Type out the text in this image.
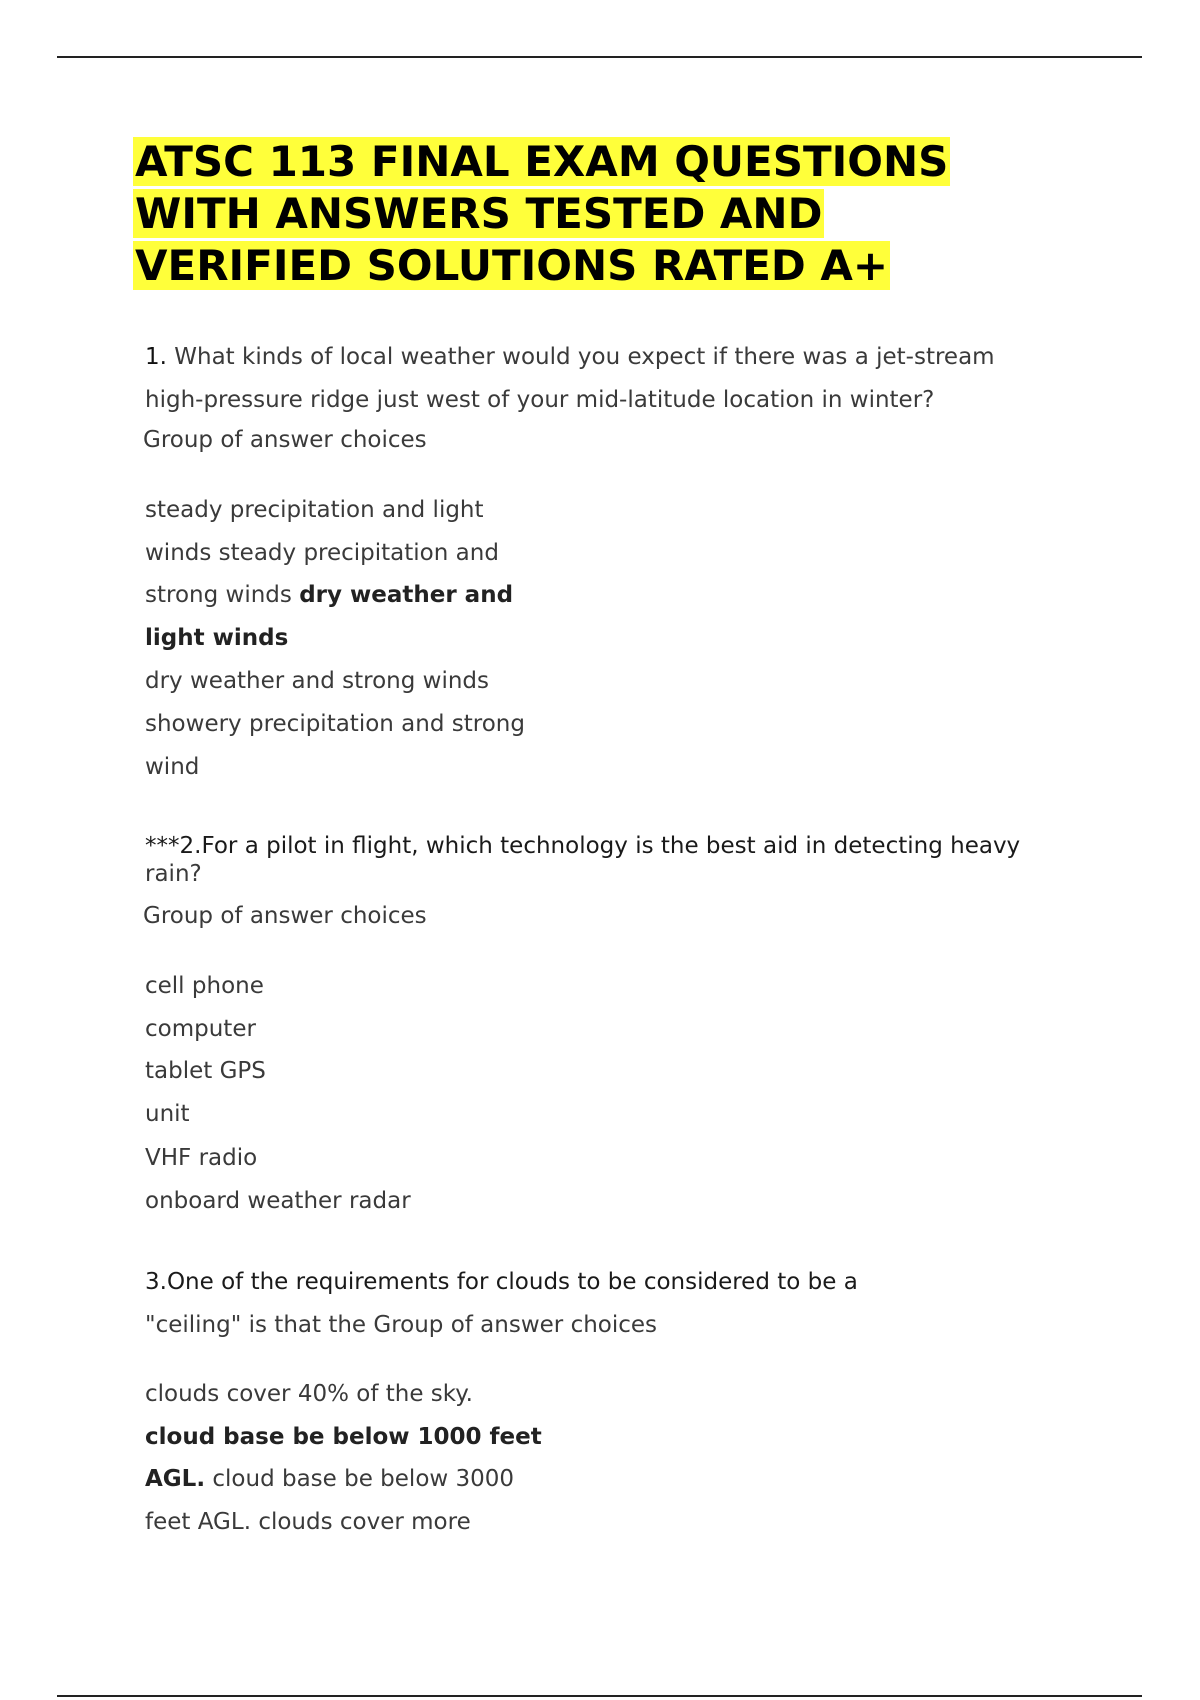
ATSC 113 FINAL EXAM QUESTIONS
WITH ANSWERS TESTED AND
VERIFIED SOLUTIONS RATED A+
1. What kinds of local weather would you expect if there was a jet-stream
high-pressure ridge just west of your mid-latitude location in winter?
Group of answer choices
steady precipitation and light
winds steady precipitation and
strong winds dry weather and
light winds
dry weather and strong winds
showery precipitation and strong
wind
***2.For a pilot in flight, which technology is the best aid in detecting heavy
rain?
Group of answer choices
cell phone
computer
tablet GPS
unit
VHF radio
onboard weather radar
3.One of the requirements for clouds to be considered to be a
"ceiling" is that the Group of answer choices
clouds cover 40% of the sky.
cloud base be below 1000 feet
AGL. cloud base be below 3000
feet AGL. clouds cover more
